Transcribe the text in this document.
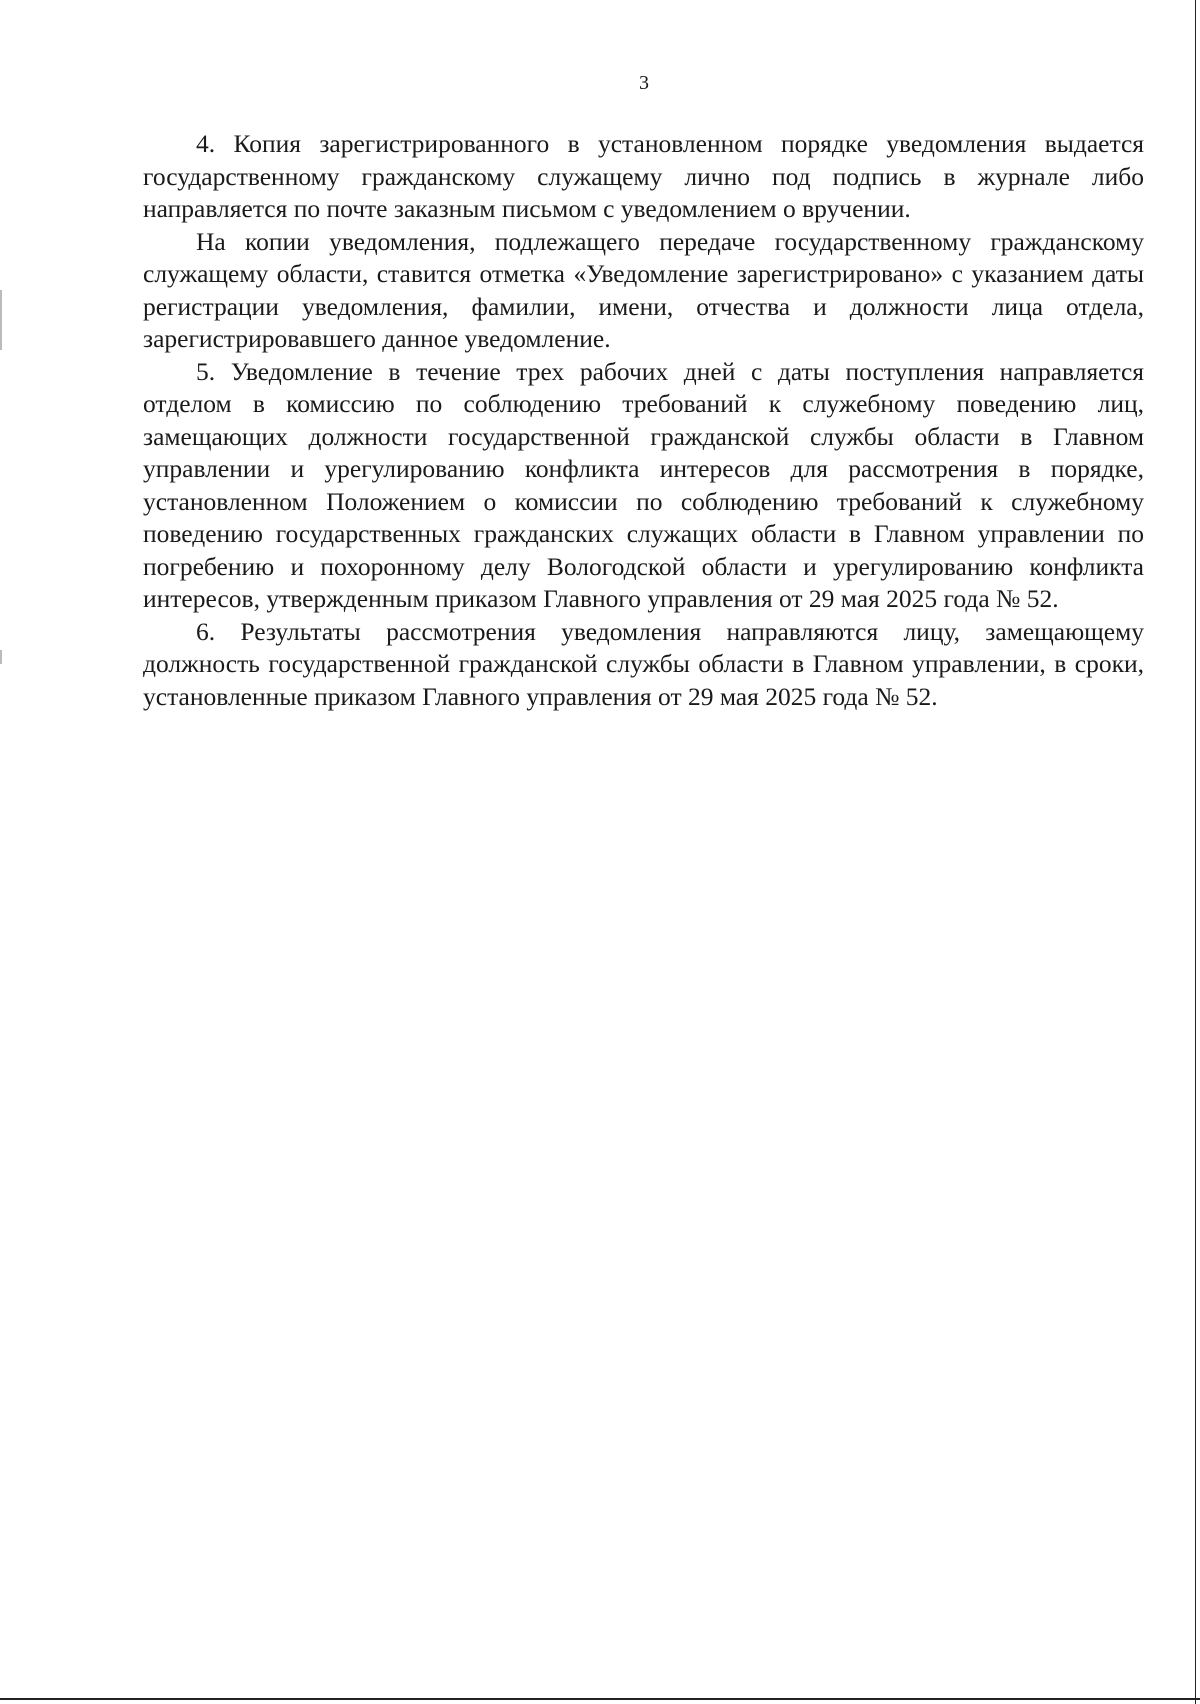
3

4. Копия зарегистрированного в установленном порядке уведомления выдается государственному гражданскому служащему лично под подпись в журнале либо направляется по почте заказным письмом с уведомлением о вручении.

На копии уведомления, подлежащего передаче государственному гражданскому служащему области, ставится отметка «Уведомление зарегистрировано» с указанием даты регистрации уведомления, фамилии, имени, отчества и должности лица отдела, зарегистрировавшего данное уведомление.

5. Уведомление в течение трех рабочих дней с даты поступления направляется отделом в комиссию по соблюдению требований к служебному поведению лиц, замещающих должности государственной гражданской службы области в Главном управлении и урегулированию конфликта интересов для рассмотрения в порядке, установленном Положением о комиссии по соблюдению требований к служебному поведению государственных гражданских служащих области в Главном управлении по погребению и похоронному делу Вологодской области и урегулированию конфликта интересов, утвержденным приказом Главного управления от 29 мая 2025 года № 52.

6. Результаты рассмотрения уведомления направляются лицу, замещающему должность государственной гражданской службы области в Главном управлении, в сроки, установленные приказом Главного управления от 29 мая 2025 года № 52.
